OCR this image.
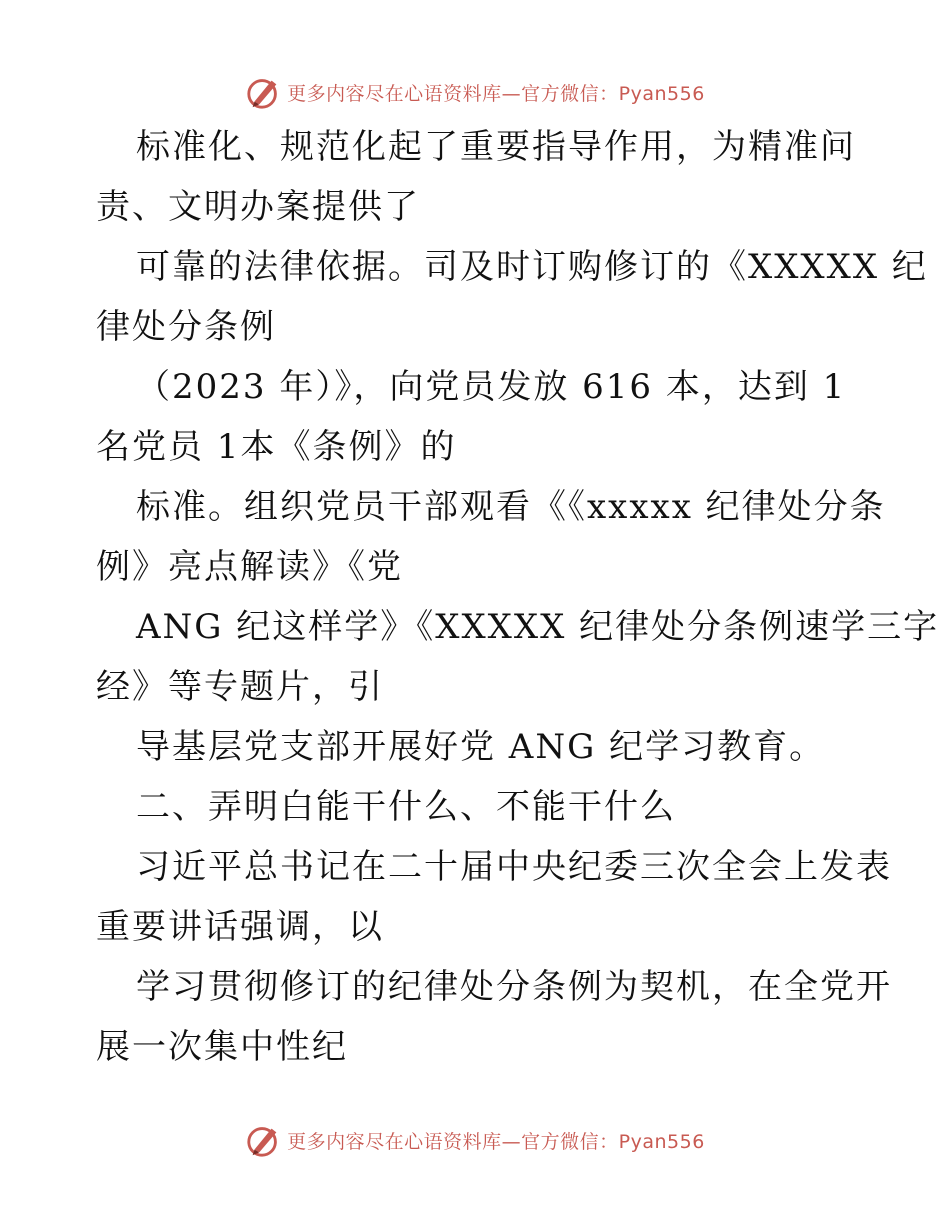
更多内容尽在心语资料库—官方微信：Pyan556
标准化、规范化起了重要指导作用，为精准问
责、文明办案提供了
可靠的法律依据。司及时订购修订的《XXXXX 纪
律处分条例
（2023 年）》，向党员发放 616 本，达到 1
名党员 1本《条例》的
标准。组织党员干部观看《《xxxxx 纪律处分条
例》亮点解读》《党
ANG 纪这样学》《XXXXX 纪律处分条例速学三字
经》等专题片，引
导基层党支部开展好党 ANG 纪学习教育。
二、弄明白能干什么、不能干什么
习近平总书记在二十届中央纪委三次全会上发表
重要讲话强调，以
学习贯彻修订的纪律处分条例为契机，在全党开
展一次集中性纪
更多内容尽在心语资料库—官方微信：Pyan556
